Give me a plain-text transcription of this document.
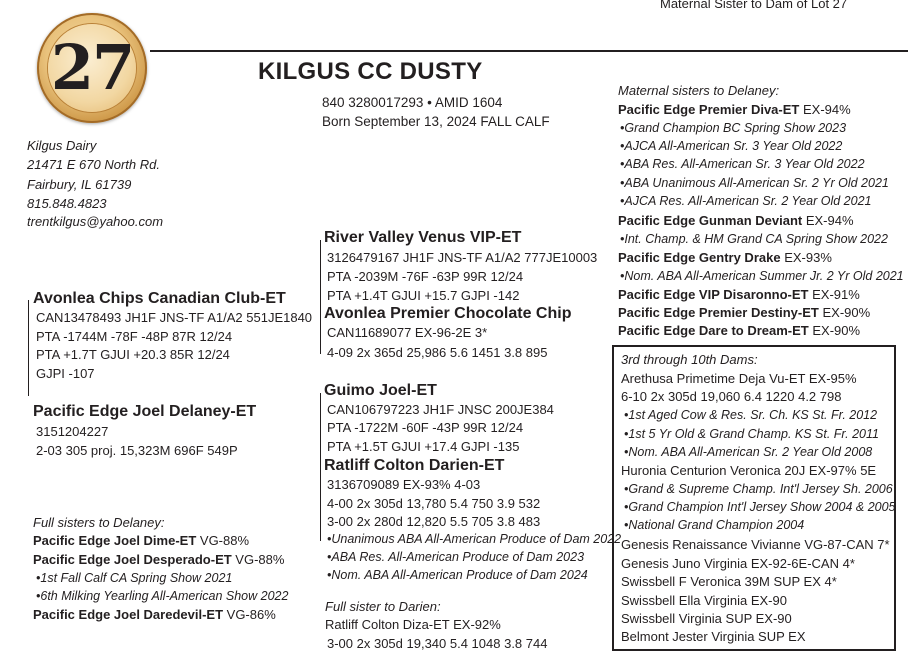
Maternal Sister to Dam of Lot 27
27	KILGUS CC DUSTY
840 3280017293 • AMID 1604
Born September 13, 2024 FALL CALF
Kilgus Dairy
21471 E 670 North Rd.
Fairbury, IL 61739
815.848.4823
trentkilgus@yahoo.com
River Valley Venus VIP-ET
3126479167 JH1F JNS-TF A1/A2 777JE10003
PTA -2039M -76F -63P 99R 12/24
PTA +1.4T GJUI +15.7 GJPI -142
Avonlea Chips Canadian Club-ET
CAN13478493 JH1F JNS-TF A1/A2 551JE1840
PTA -1744M -78F -48P 87R 12/24
PTA +1.7T GJUI +20.3 85R 12/24
GJPI -107
Avonlea Premier Chocolate Chip
CAN11689077 EX-96-2E 3*
4-09 2x 365d 25,986 5.6 1451 3.8 895
Pacific Edge Joel Delaney-ET
3151204227
2-03 305 proj. 15,323M 696F 549P
Guimo Joel-ET
CAN106797223 JH1F JNSC 200JE384
PTA -1722M -60F -43P 99R 12/24
PTA +1.5T GJUI +17.4 GJPI -135
Ratliff Colton Darien-ET
3136709089 EX-93% 4-03
4-00 2x 305d 13,780 5.4 750 3.9 532
3-00 2x 280d 12,820 5.5 705 3.8 483
•Unanimous ABA All-American Produce of Dam 2022
•ABA Res. All-American Produce of Dam 2023
•Nom. ABA All-American Produce of Dam 2024
Full sisters to Delaney:
Pacific Edge Joel Dime-ET VG-88%
Pacific Edge Joel Desperado-ET VG-88%
•1st Fall Calf CA Spring Show 2021
•6th Milking Yearling All-American Show 2022
Pacific Edge Joel Daredevil-ET VG-86%
Full sister to Darien:
Ratliff Colton Diza-ET EX-92%
3-00 2x 305d 19,340 5.4 1048 3.8 744
Maternal sisters to Delaney:
Pacific Edge Premier Diva-ET EX-94%
•Grand Champion BC Spring Show 2023
•AJCA All-American Sr. 3 Year Old 2022
•ABA Res. All-American Sr. 3 Year Old 2022
•ABA Unanimous All-American Sr. 2 Yr Old 2021
•AJCA Res. All-American Sr. 2 Year Old 2021
Pacific Edge Gunman Deviant EX-94%
•Int. Champ. & HM Grand CA Spring Show 2022
Pacific Edge Gentry Drake EX-93%
•Nom. ABA All-American Summer Jr. 2 Yr Old 2021
Pacific Edge VIP Disaronno-ET EX-91%
Pacific Edge Premier Destiny-ET EX-90%
Pacific Edge Dare to Dream-ET EX-90%
3rd through 10th Dams:
Arethusa Primetime Deja Vu-ET EX-95%
6-10 2x 305d 19,060 6.4 1220 4.2 798
•1st Aged Cow & Res. Sr. Ch. KS St. Fr. 2012
•1st 5 Yr Old & Grand Champ. KS St. Fr. 2011
•Nom. ABA All-American Sr. 2 Year Old 2008
Huronia Centurion Veronica 20J EX-97% 5E
•Grand & Supreme Champ. Int'l Jersey Sh. 2006
•Grand Champion Int'l Jersey Show 2004 & 2005
•National Grand Champion 2004
Genesis Renaissance Vivianne VG-87-CAN 7*
Genesis Juno Virginia EX-92-6E-CAN 4*
Swissbell F Veronica 39M SUP EX 4*
Swissbell Ella Virginia EX-90
Swissbell Virginia SUP EX-90
Belmont Jester Virginia SUP EX
